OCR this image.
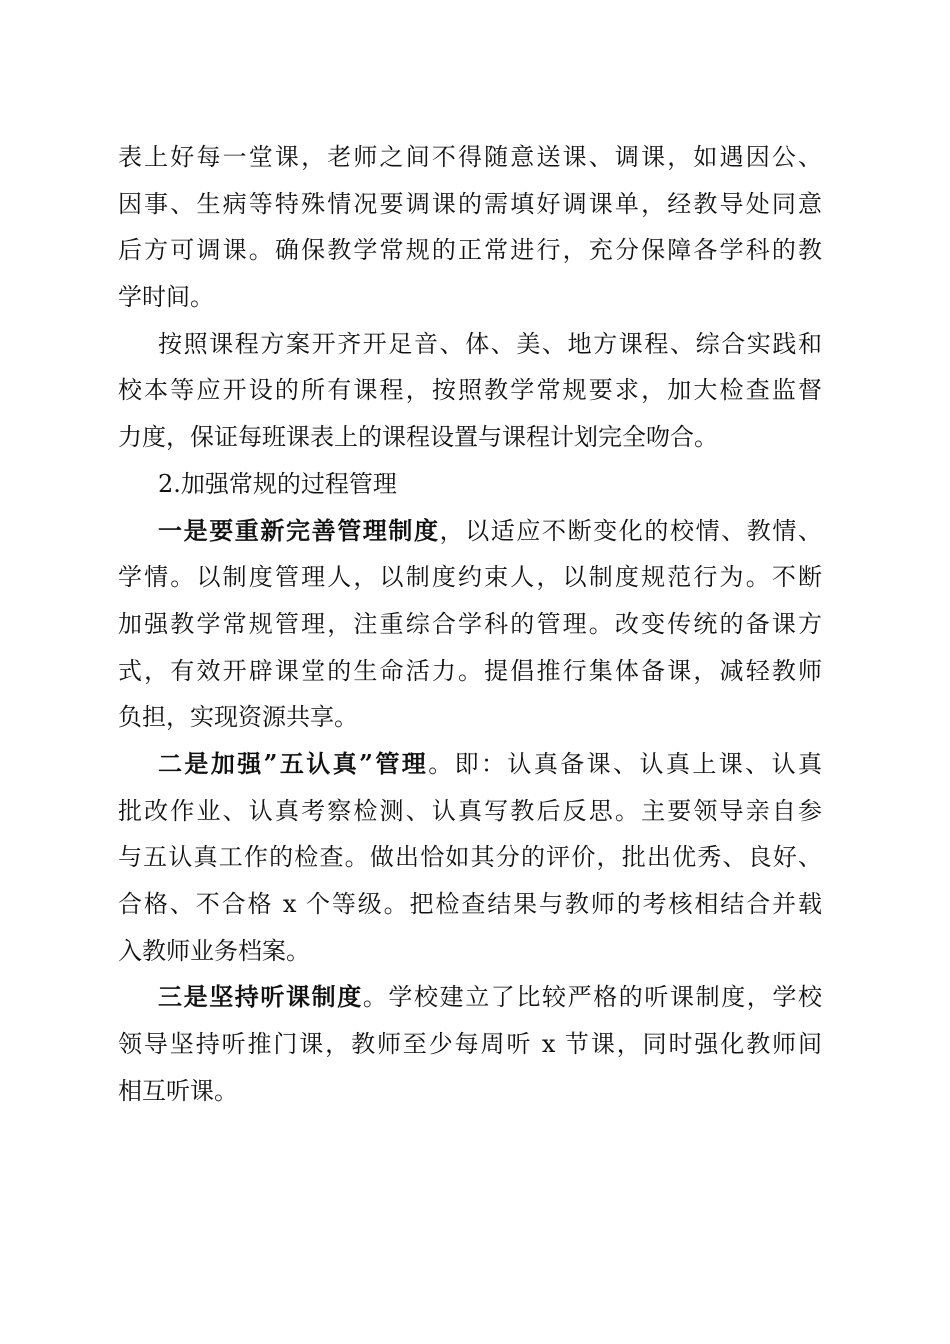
表上好每一堂课，老师之间不得随意送课、调课，如遇因公、
因事、生病等特殊情况要调课的需填好调课单，经教导处同意
后方可调课。确保教学常规的正常进行，充分保障各学科的教
学时间。
按照课程方案开齐开足音、体、美、地方课程、综合实践和
校本等应开设的所有课程，按照教学常规要求，加大检查监督
力度，保证每班课表上的课程设置与课程计划完全吻合。
2.加强常规的过程管理
一是要重新完善管理制度，以适应不断变化的校情、教情、
学情。以制度管理人，以制度约束人，以制度规范行为。不断
加强教学常规管理，注重综合学科的管理。改变传统的备课方
式，有效开辟课堂的生命活力。提倡推行集体备课，减轻教师
负担，实现资源共享。
二是加强”五认真”管理。即：认真备课、认真上课、认真
批改作业、认真考察检测、认真写教后反思。主要领导亲自参
与五认真工作的检查。做出恰如其分的评价，批出优秀、良好、
合格、不合格 x 个等级。把检查结果与教师的考核相结合并载
入教师业务档案。
三是坚持听课制度。学校建立了比较严格的听课制度，学校
领导坚持听推门课，教师至少每周听 x 节课，同时强化教师间
相互听课。
